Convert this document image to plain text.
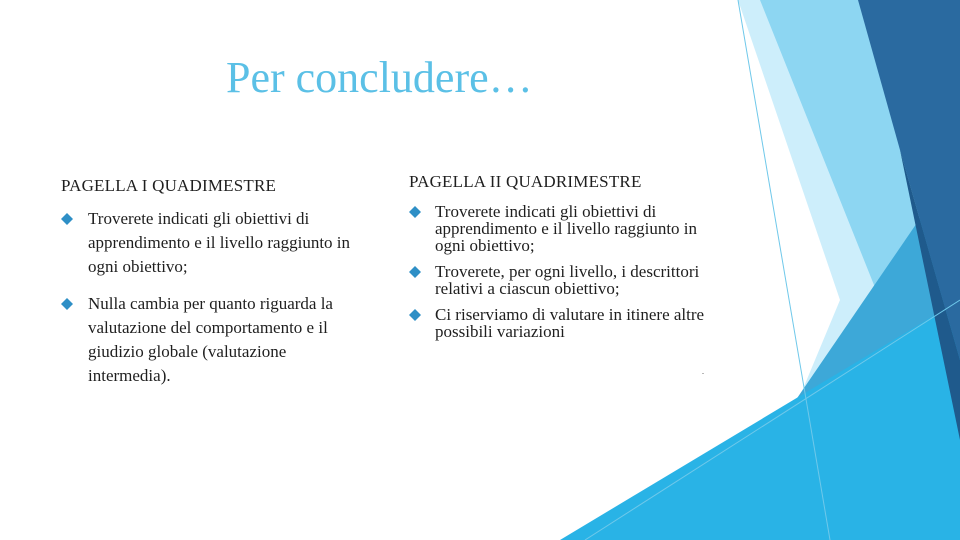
Per concludere…
PAGELLA I QUADIMESTRE
Troverete indicati gli obiettivi di apprendimento e il livello raggiunto in ogni obiettivo;
Nulla cambia per quanto riguarda la valutazione del comportamento e il giudizio globale (valutazione intermedia).
PAGELLA II QUADRIMESTRE
Troverete indicati gli obiettivi di apprendimento e il livello raggiunto in ogni obiettivo;
Troverete, per ogni livello, i descrittori relativi a ciascun obiettivo;
Ci riserviamo di valutare in itinere altre possibili variazioni
.
